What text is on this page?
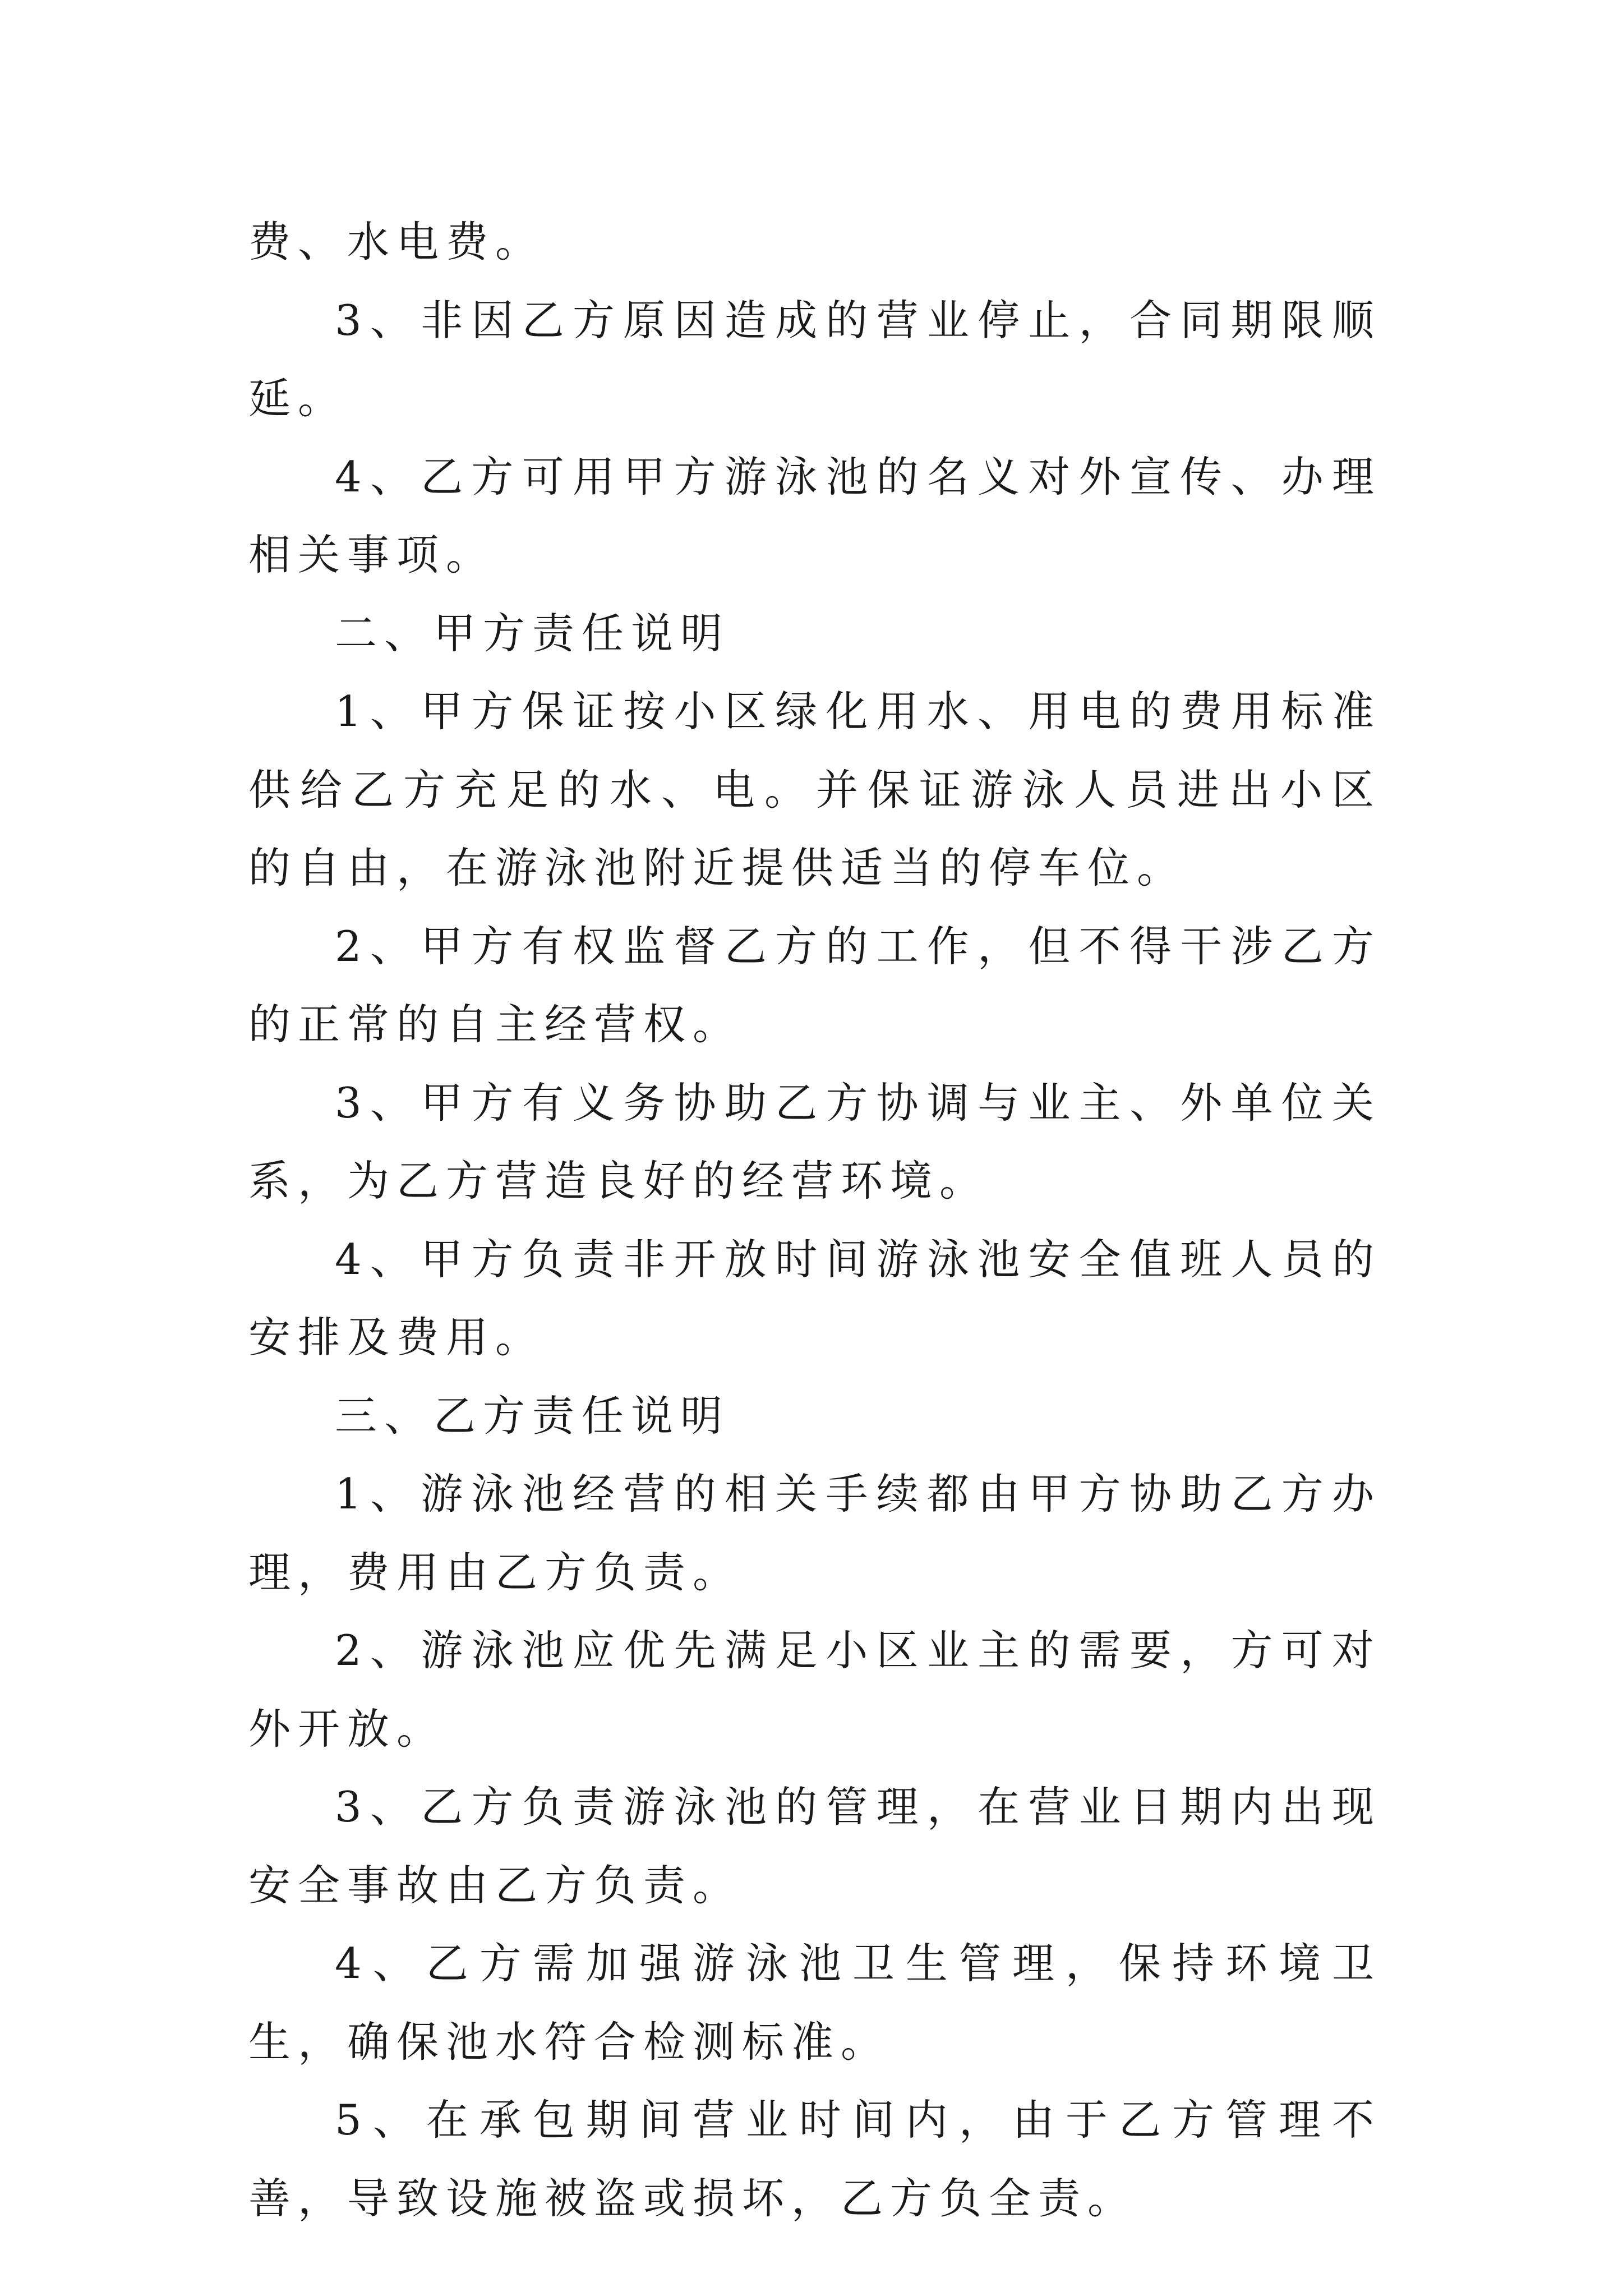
费、水电费。

3、非因乙方原因造成的营业停止，合同期限顺延。

4、乙方可用甲方游泳池的名义对外宣传、办理相关事项。

二、甲方责任说明

1、甲方保证按小区绿化用水、用电的费用标准供给乙方充足的水、电。并保证游泳人员进出小区的自由，在游泳池附近提供适当的停车位。

2、甲方有权监督乙方的工作，但不得干涉乙方的正常的自主经营权。

3、甲方有义务协助乙方协调与业主、外单位关系，为乙方营造良好的经营环境。

4、甲方负责非开放时间游泳池安全值班人员的安排及费用。

三、乙方责任说明

1、游泳池经营的相关手续都由甲方协助乙方办理，费用由乙方负责。

2、游泳池应优先满足小区业主的需要，方可对外开放。

3、乙方负责游泳池的管理，在营业日期内出现安全事故由乙方负责。

4、乙方需加强游泳池卫生管理，保持环境卫生，确保池水符合检测标准。

5、在承包期间营业时间内，由于乙方管理不善，导致设施被盗或损坏，乙方负全责。
